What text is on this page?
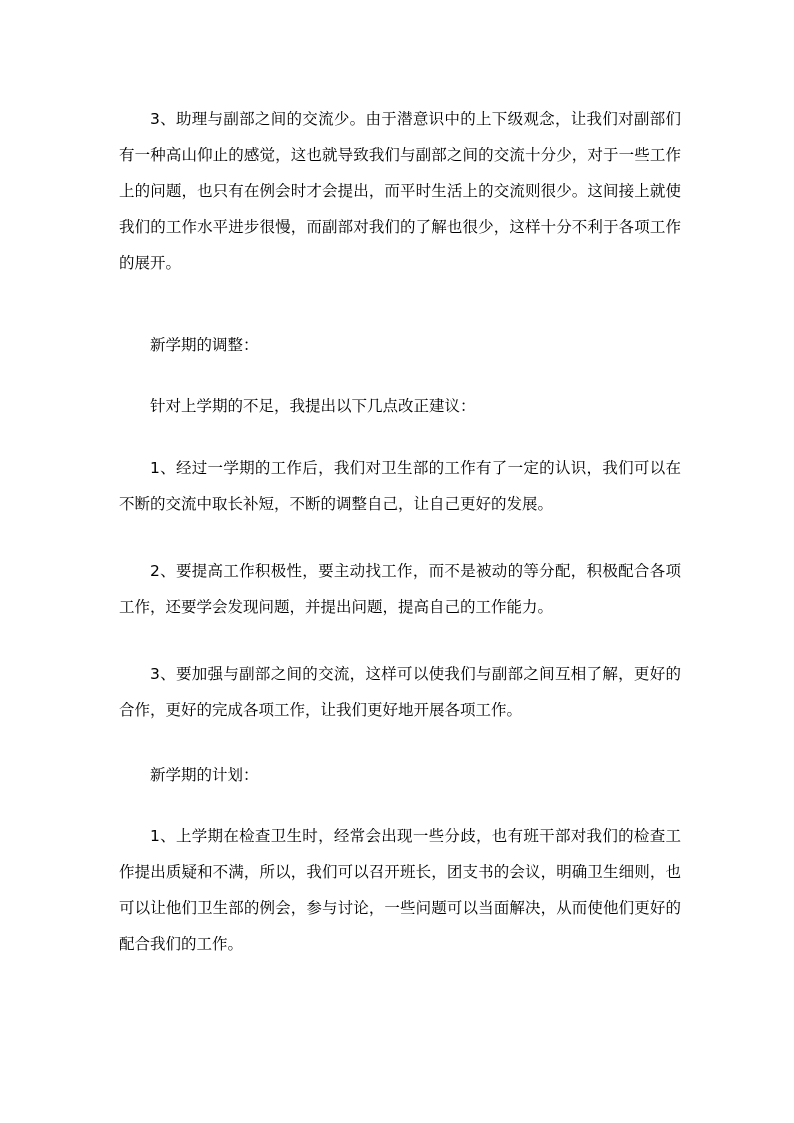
3、助理与副部之间的交流少。由于潜意识中的上下级观念，让我们对副部们有一种高山仰止的感觉，这也就导致我们与副部之间的交流十分少，对于一些工作上的问题，也只有在例会时才会提出，而平时生活上的交流则很少。这间接上就使我们的工作水平进步很慢，而副部对我们的了解也很少，这样十分不利于各项工作的展开。

新学期的调整：

针对上学期的不足，我提出以下几点改正建议：

1、经过一学期的工作后，我们对卫生部的工作有了一定的认识，我们可以在不断的交流中取长补短，不断的调整自己，让自己更好的发展。

2、要提高工作积极性，要主动找工作，而不是被动的等分配，积极配合各项工作，还要学会发现问题，并提出问题，提高自己的工作能力。

3、要加强与副部之间的交流，这样可以使我们与副部之间互相了解，更好的合作，更好的完成各项工作，让我们更好地开展各项工作。

新学期的计划：

1、上学期在检查卫生时，经常会出现一些分歧，也有班干部对我们的检查工作提出质疑和不满，所以，我们可以召开班长，团支书的会议，明确卫生细则，也可以让他们卫生部的例会，参与讨论，一些问题可以当面解决，从而使他们更好的配合我们的工作。
